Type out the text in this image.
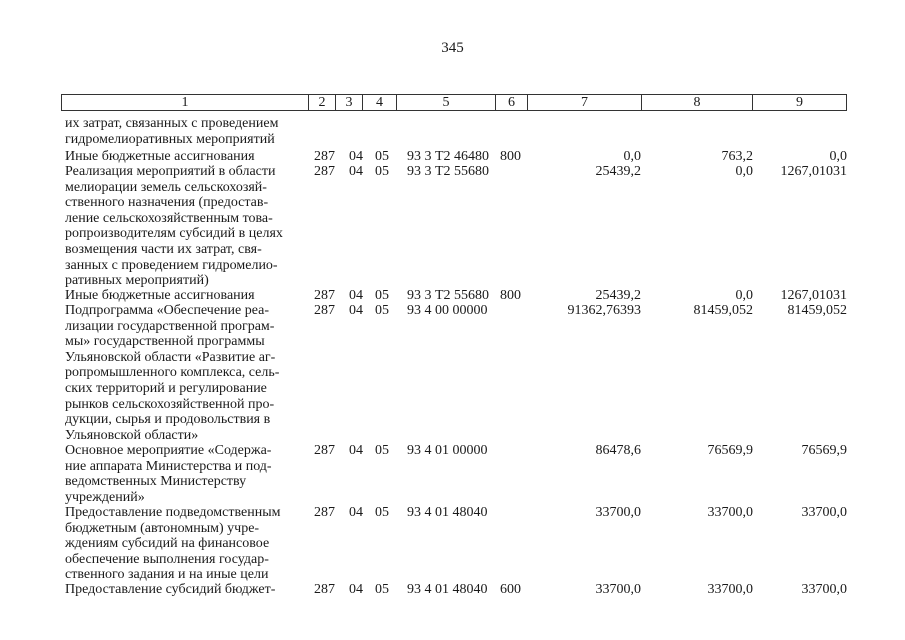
345
1	2	3	4	5	6	7	8	9
их затрат, связанных с проведением
гидромелиоративных мероприятий
Иные бюджетные ассигнования	287 04 05 93 3 Т2 46480 800	0,0	763,2	0,0
Реализация мероприятий в области
мелиорации земель сельскохозяй-
ственного назначения (предостав-
ление сельскохозяйственным това-
ропроизводителям субсидий в целях
возмещения части их затрат, свя-
занных с проведением гидромелио-
ративных мероприятий)
287 04 05 93 3 Т2 55680	25439,2	0,0 1267,01031
Иные бюджетные ассигнования	287 04 05 93 3 Т2 55680 800	25439,2	0,0 1267,01031
Подпрограмма «Обеспечение реа-
лизации государственной програм-
мы» государственной программы
Ульяновской области «Развитие аг-
ропромышленного комплекса, сель-
ских территорий и регулирование
рынков сельскохозяйственной про-
дукции, сырья и продовольствия в
Ульяновской области»
287 04 05 93 4 00 00000	91362,76393	81459,052 81459,052
Основное мероприятие «Содержа-
ние аппарата Министерства и под-
ведомственных Министерству
учреждений»
287 04 05 93 4 01 00000	86478,6	76569,9	76569,9
Предоставление подведомственным
бюджетным (автономным) учре-
ждениям субсидий на финансовое
обеспечение выполнения государ-
ственного задания и на иные цели
287 04 05 93 4 01 48040	33700,0	33700,0	33700,0
Предоставление субсидий бюджет-	287 04 05 93 4 01 48040 600	33700,0	33700,0	33700,0
